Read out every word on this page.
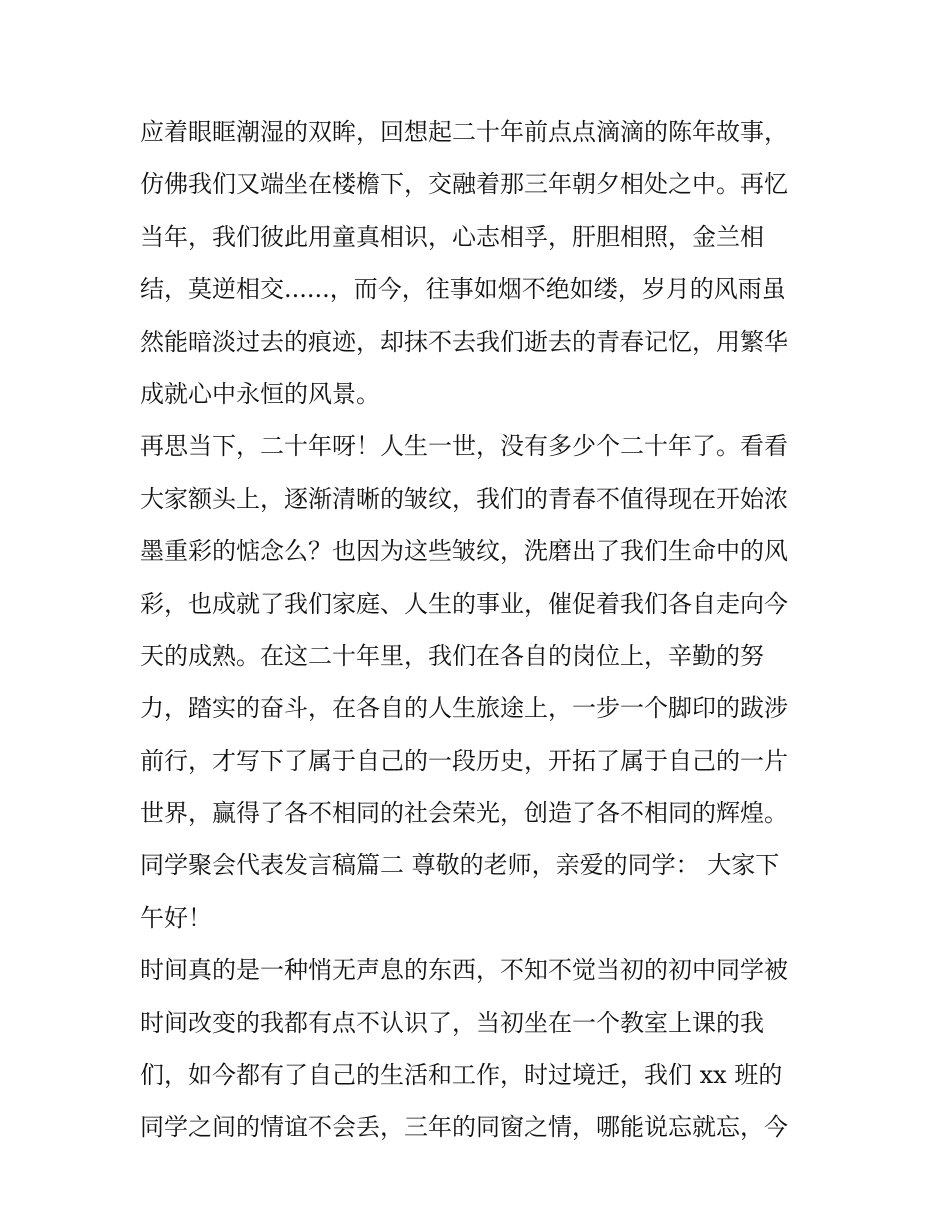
应着眼眶潮湿的双眸，回想起二十年前点点滴滴的陈年故事，
仿佛我们又端坐在楼檐下，交融着那三年朝夕相处之中。再忆
当年，我们彼此用童真相识，心志相孚，肝胆相照，金兰相
结，莫逆相交......，而今，往事如烟不绝如缕，岁月的风雨虽
然能暗淡过去的痕迹，却抹不去我们逝去的青春记忆，用繁华
成就心中永恒的风景。
再思当下，二十年呀！人生一世，没有多少个二十年了。看看
大家额头上，逐渐清晰的皱纹，我们的青春不值得现在开始浓
墨重彩的惦念么？也因为这些皱纹，洗磨出了我们生命中的风
彩，也成就了我们家庭、人生的事业，催促着我们各自走向今
天的成熟。在这二十年里，我们在各自的岗位上，辛勤的努
力，踏实的奋斗，在各自的人生旅途上，一步一个脚印的跋涉
前行，才写下了属于自己的一段历史，开拓了属于自己的一片
世界，赢得了各不相同的社会荣光，创造了各不相同的辉煌。
同学聚会代表发言稿篇二 尊敬的老师，亲爱的同学： 大家下
午好！
时间真的是一种悄无声息的东西，不知不觉当初的初中同学被
时间改变的我都有点不认识了，当初坐在一个教室上课的我
们，如今都有了自己的生活和工作，时过境迁，我们 xx 班的
同学之间的情谊不会丢，三年的同窗之情，哪能说忘就忘，今
